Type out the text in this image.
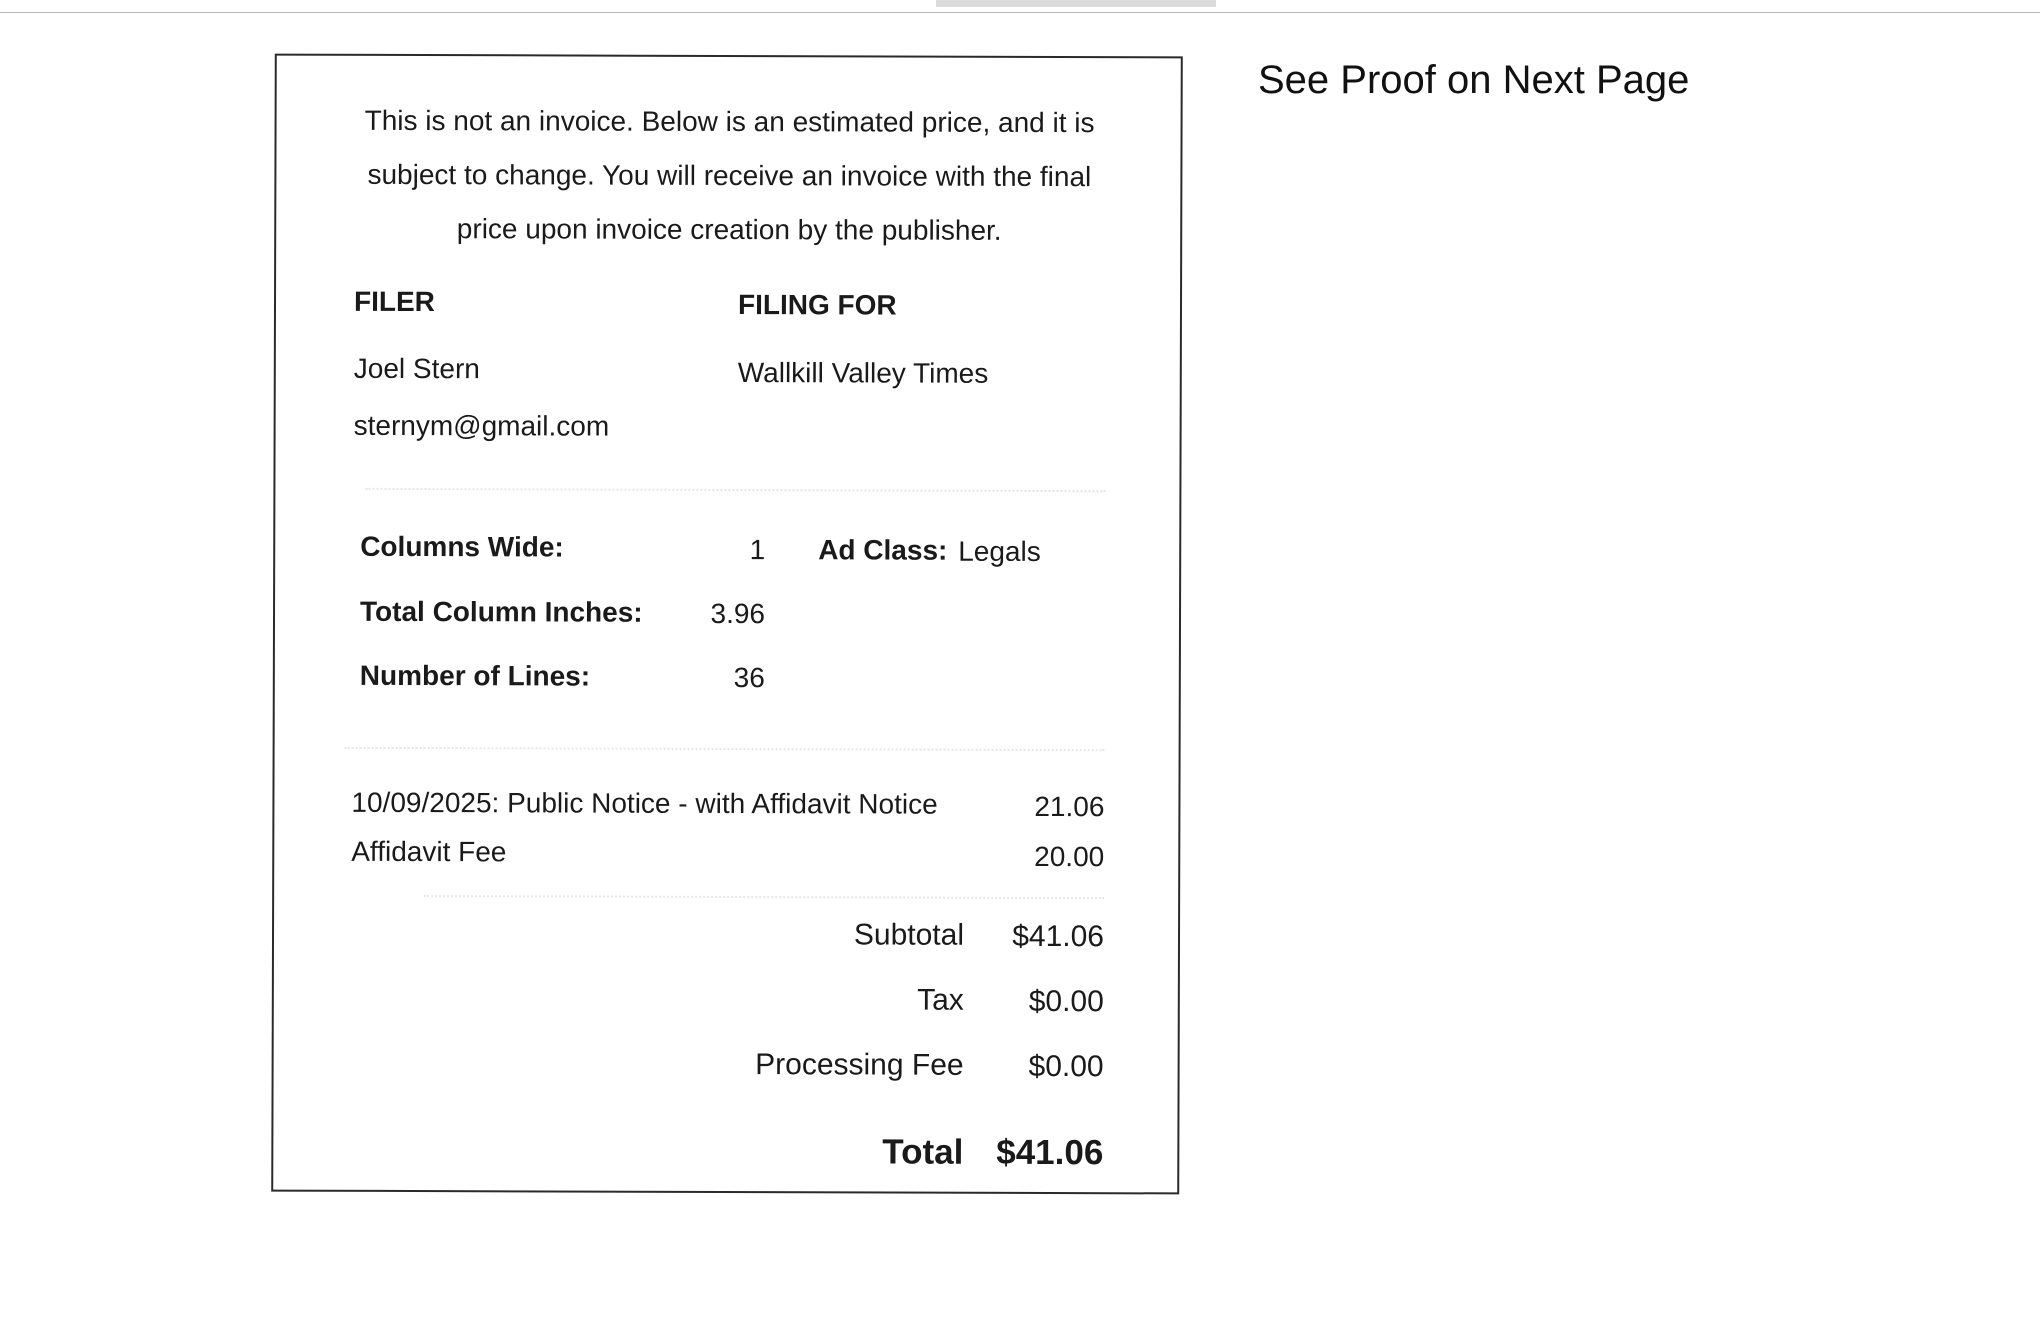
This is not an invoice. Below is an estimated price, and it is
subject to change. You will receive an invoice with the final
price upon invoice creation by the publisher.
FILER
Joel Stern
sternym@gmail.com
FILING FOR
Wallkill Valley Times
Columns Wide:	1 Ad Class: Legals
Total Column Inches:	3.96
Number of Lines:	36
10/09/2025: Public Notice - with Affidavit Notice	21.06
Affidavit Fee	20.00
Subtotal	$41.06
Tax	$0.00
Processing Fee	$0.00
Total $41.06
See Proof on Next Page
